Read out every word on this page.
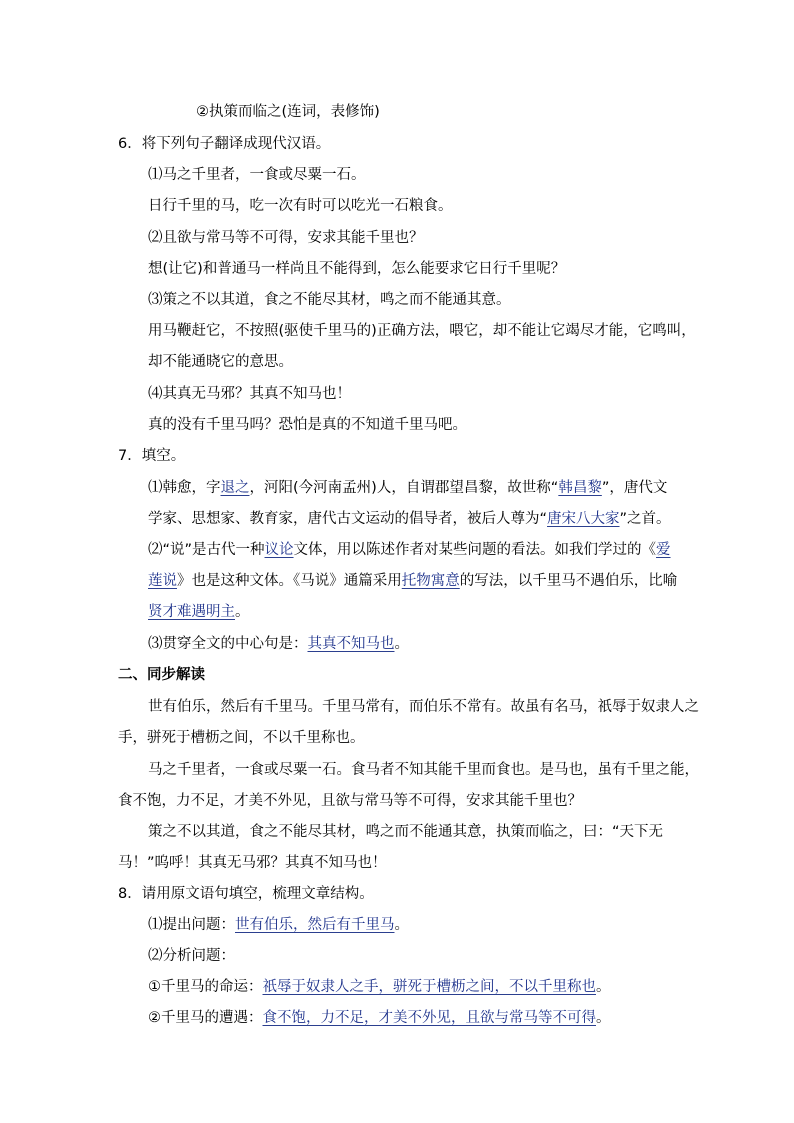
②执策而临之(连词，表修饰)
6．将下列句子翻译成现代汉语。
⑴马之千里者，一食或尽粟一石。
日行千里的马，吃一次有时可以吃光一石粮食。
⑵且欲与常马等不可得，安求其能千里也？
想(让它)和普通马一样尚且不能得到，怎么能要求它日行千里呢？
⑶策之不以其道，食之不能尽其材，鸣之而不能通其意。
用马鞭赶它，不按照(驱使千里马的)正确方法，喂它，却不能让它竭尽才能，它鸣叫，
却不能通晓它的意思。
⑷其真无马邪？其真不知马也！
真的没有千里马吗？恐怕是真的不知道千里马吧。
7．填空。
⑴韩愈，字退之，河阳(今河南孟州)人，自谓郡望昌黎，故世称“韩昌黎”，唐代文
学家、思想家、教育家，唐代古文运动的倡导者，被后人尊为“唐宋八大家”之首。
⑵“说”是古代一种议论文体，用以陈述作者对某些问题的看法。如我们学过的《爱
莲说》也是这种文体。《马说》通篇采用托物寓意的写法，以千里马不遇伯乐，比喻
贤才难遇明主。
⑶贯穿全文的中心句是：其真不知马也。
二、同步解读
世有伯乐，然后有千里马。千里马常有，而伯乐不常有。故虽有名马，祇辱于奴隶人之
手，骈死于槽枥之间，不以千里称也。
马之千里者，一食或尽粟一石。食马者不知其能千里而食也。是马也，虽有千里之能，
食不饱，力不足，才美不外见，且欲与常马等不可得，安求其能千里也？
策之不以其道，食之不能尽其材，鸣之而不能通其意，执策而临之，曰：“天下无
马！”呜呼！其真无马邪？其真不知马也！
8．请用原文语句填空，梳理文章结构。
⑴提出问题：世有伯乐，然后有千里马。
⑵分析问题：
①千里马的命运：祇辱于奴隶人之手，骈死于槽枥之间，不以千里称也。
②千里马的遭遇：食不饱，力不足，才美不外见，且欲与常马等不可得。
